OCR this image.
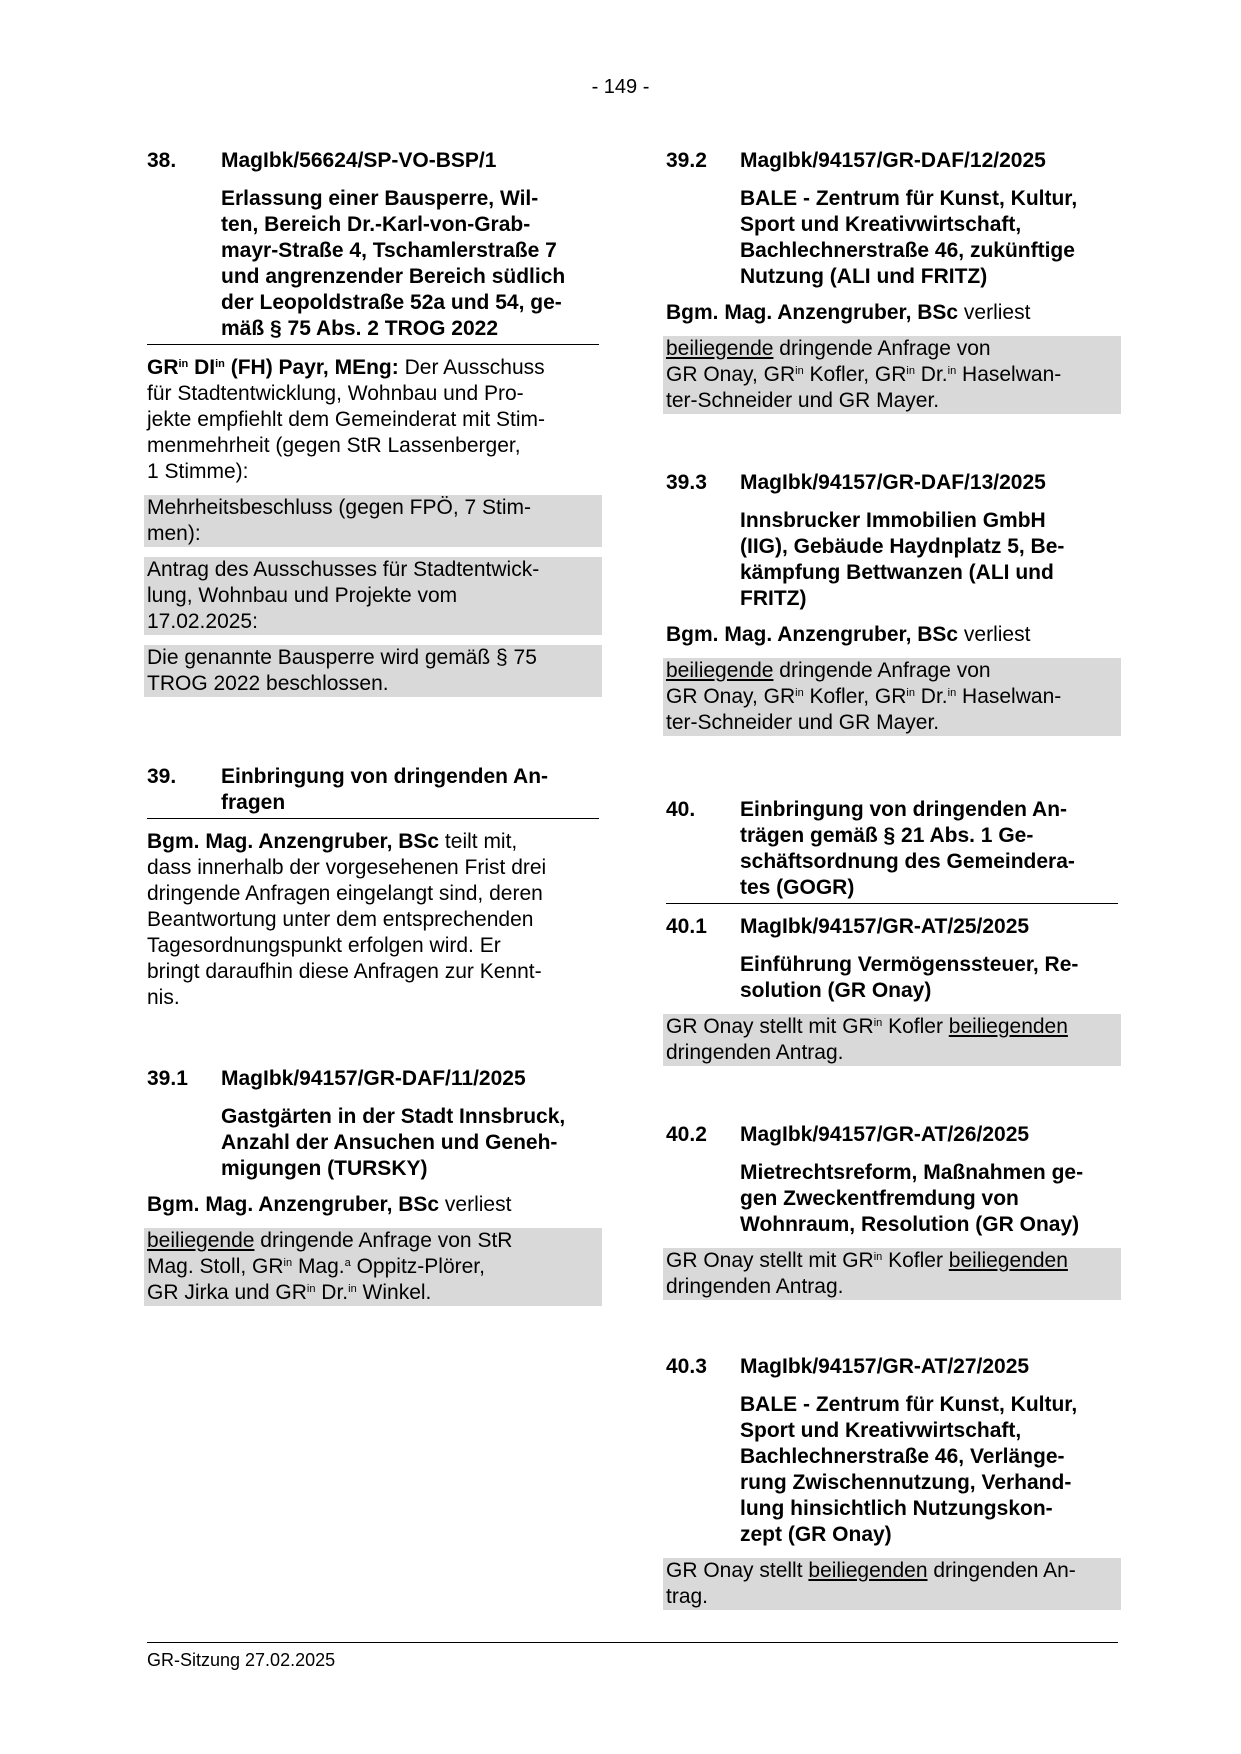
- 149 -
38.	MagIbk/56624/SP-VO-BSP/1
Erlassung einer Bausperre, Wil-
ten, Bereich Dr.-Karl-von-Grab-
mayr-Straße 4, Tschamlerstraße 7
und angrenzender Bereich südlich
der Leopoldstraße 52a und 54, ge-
mäß § 75 Abs. 2 TROG 2022
$GR^{in}$ $DI^{in}$ (FH) Payr, MEng: Der Ausschuss
für Stadtentwicklung, Wohnbau und Pro-
jekte empfiehlt dem Gemeinderat mit Stim-
menmehrheit (gegen StR Lassenberger,
1 Stimme):
Mehrheitsbeschluss (gegen FPÖ, 7 Stim-
men):
Antrag des Ausschusses für Stadtentwick-
lung, Wohnbau und Projekte vom
17.02.2025:
Die genannte Bausperre wird gemäß § 75
TROG 2022 beschlossen.
39.	Einbringung von dringenden An-
fragen
Bgm. Mag. Anzengruber, BSc teilt mit,
dass innerhalb der vorgesehenen Frist drei
dringende Anfragen eingelangt sind, deren
Beantwortung unter dem entsprechenden
Tagesordnungspunkt erfolgen wird. Er
bringt daraufhin diese Anfragen zur Kennt-
nis.
39.1	MagIbk/94157/GR-DAF/11/2025
Gastgärten in der Stadt Innsbruck,
Anzahl der Ansuchen und Geneh-
migungen (TURSKY)
Bgm. Mag. Anzengruber, BSc verliest
beiliegende dringende Anfrage von StR
Mag. Stoll, $GR^{in}$ Mag.$^a$ Oppitz-Plörer,
GR Jirka und $GR^{in}$ Dr.$^{in}$ Winkel.
39.2	MagIbk/94157/GR-DAF/12/2025
BALE - Zentrum für Kunst, Kultur,
Sport und Kreativwirtschaft,
Bachlechnerstraße 46, zukünftige
Nutzung (ALI und FRITZ)
Bgm. Mag. Anzengruber, BSc verliest
beiliegende dringende Anfrage von
GR Onay, $GR^{in}$ Kofler, $GR^{in}$ Dr.$^{in}$ Haselwan-
ter-Schneider und GR Mayer.
39.3	MagIbk/94157/GR-DAF/13/2025
Innsbrucker Immobilien GmbH
(IIG), Gebäude Haydnplatz 5, Be-
kämpfung Bettwanzen (ALI und
FRITZ)
Bgm. Mag. Anzengruber, BSc verliest
beiliegende dringende Anfrage von
GR Onay, $GR^{in}$ Kofler, $GR^{in}$ Dr.$^{in}$ Haselwan-
ter-Schneider und GR Mayer.
40.	Einbringung von dringenden An-
trägen gemäß § 21 Abs. 1 Ge-
schäftsordnung des Gemeindera-
tes (GOGR)
40.1	MagIbk/94157/GR-AT/25/2025
Einführung Vermögenssteuer, Re-
solution (GR Onay)
GR Onay stellt mit $GR^{in}$ Kofler beiliegenden
dringenden Antrag.
40.2	MagIbk/94157/GR-AT/26/2025
Mietrechtsreform, Maßnahmen ge-
gen Zweckentfremdung von
Wohnraum, Resolution (GR Onay)
GR Onay stellt mit $GR^{in}$ Kofler beiliegenden
dringenden Antrag.
40.3	MagIbk/94157/GR-AT/27/2025
BALE - Zentrum für Kunst, Kultur,
Sport und Kreativwirtschaft,
Bachlechnerstraße 46, Verlänge-
rung Zwischennutzung, Verhand-
lung hinsichtlich Nutzungskon-
zept (GR Onay)
GR Onay stellt beiliegenden dringenden An-
trag.
GR-Sitzung 27.02.2025
